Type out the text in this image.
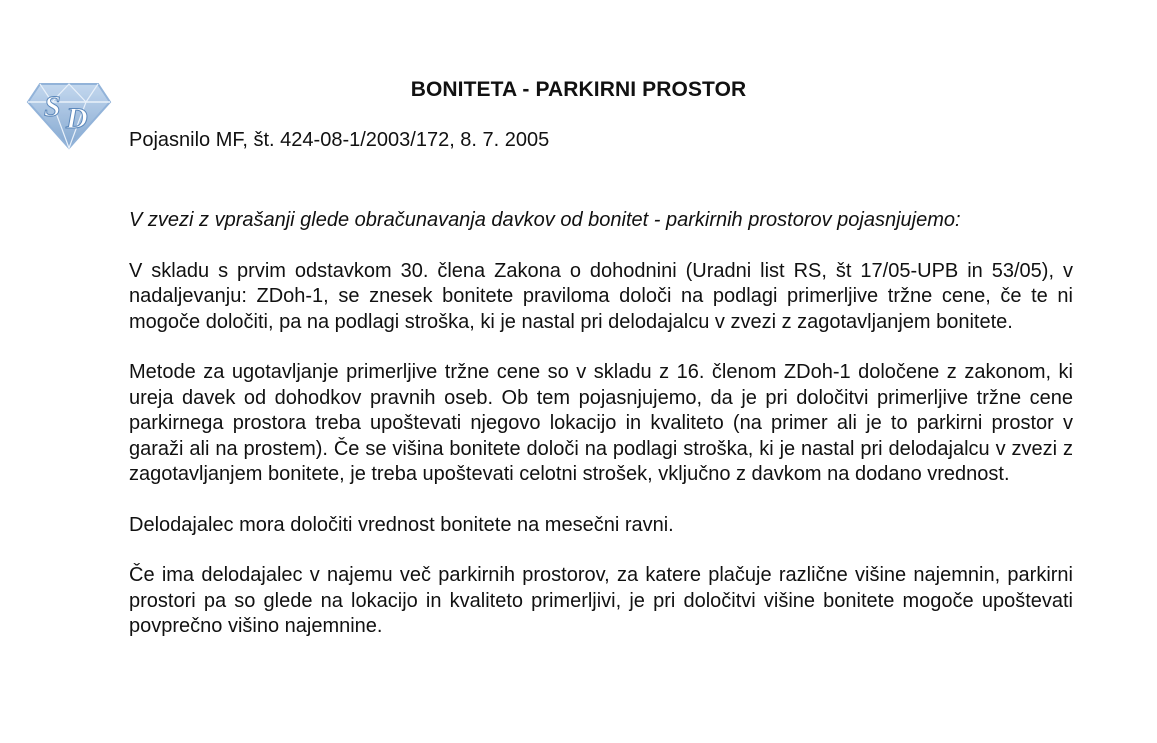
S D
BONITETA - PARKIRNI PROSTOR

Pojasnilo MF, št. 424-08-1/2003/172, 8. 7. 2005

V zvezi z vprašanji glede obračunavanja davkov od bonitet - parkirnih prostorov pojasnjujemo:

V skladu s prvim odstavkom 30. člena Zakona o dohodnini (Uradni list RS, št 17/05-UPB in 53/05), v nadaljevanju: ZDoh-1, se znesek bonitete praviloma določi na podlagi primerljive tržne cene, če te ni mogoče določiti, pa na podlagi stroška, ki je nastal pri delodajalcu v zvezi z zagotavljanjem bonitete.

Metode za ugotavljanje primerljive tržne cene so v skladu z 16. členom ZDoh-1 določene z zakonom, ki ureja davek od dohodkov pravnih oseb. Ob tem pojasnjujemo, da je pri določitvi primerljive tržne cene parkirnega prostora treba upoštevati njegovo lokacijo in kvaliteto (na primer ali je to parkirni prostor v garaži ali na prostem). Če se višina bonitete določi na podlagi stroška, ki je nastal pri delodajalcu v zvezi z zagotavljanjem bonitete, je treba upoštevati celotni strošek, vključno z davkom na dodano vrednost.

Delodajalec mora določiti vrednost bonitete na mesečni ravni.

Če ima delodajalec v najemu več parkirnih prostorov, za katere plačuje različne višine najemnin, parkirni prostori pa so glede na lokacijo in kvaliteto primerljivi, je pri določitvi višine bonitete mogoče upoštevati povprečno višino najemnine.
